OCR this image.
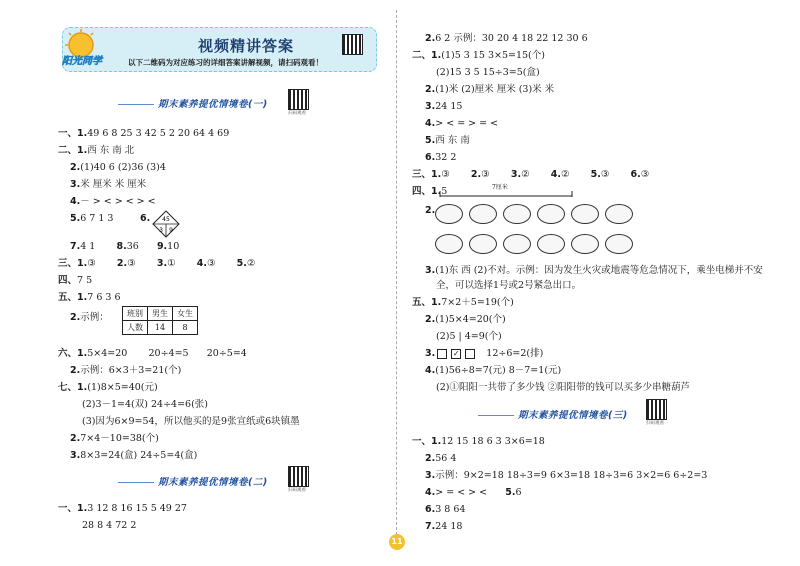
阳光同学
视频精讲答案
以下二维码为对应练习的详细答案讲解视频，请扫码观看！
期末素养提优情境卷(一)
扫码观看
一、1.49 6 8 25 3 42 5 2 20 64 4 69
二、1.西 东 南 北
2.(1)40 6 (2)36 (3)4
3.米 厘米 米 厘米
4.－ > < > < > <
5.6 7 1 3	6. 45
3 9
7.4 1 8.36 9.10
三、1.③ 2.③ 3.① 4.③ 5.②
四、7 5
五、1.7 6 3 6
2.示例： 班别	男生	女生
人数	14	8
六、1.5×4=20 20÷4=5 20÷5=4
2.示例：6×3＋3=21(个)
七、1.(1)8×5=40(元)
(2)3－1=4(双) 24÷4=6(张)
(3)因为6×9=54，所以他买的是9张宣纸或6块镇墨
2.7×4－10=38(个)
3.8×3=24(盒) 24÷5=4(盒)
期末素养提优情境卷(二)
扫码观看
一、1.3 12 8 16 15 5 49 27
28 8 4 72 2
2.6 2 示例：30 20 4 18 22 12 30 6
二、1.(1)5 3 15 3×5=15(个)
(2)15 3 5 15÷3=5(盒)
2.(1)米 (2)厘米 厘米 (3)米 米
3.24 15
4.> < = > = <
5.西 东 南
6.32 2
三、1.③ 2.③ 3.② 4.② 5.③ 6.③
四、1.5	7厘米
2.
3.(1)东 西 (2)不对。示例：因为发生火灾或地震等危急情况下，乘坐电梯并不安
全，可以选择1号或2号紧急出口。
五、1.7×2＋5=19(个)
2.(1)5×4=20(个)
(2)5 | 4=9(个)
3. ✓	12÷6=2(排)
4.(1)56÷8=7(元) 8－7=1(元)
(2)①阳阳一共带了多少钱 ②阳阳带的钱可以买多少串糖葫芦
期末素养提优情境卷(三)
扫码观看
一、1.12 15 18 6 3 3×6=18
2.56 4
3.示例：9×2=18 18÷3=9 6×3=18 18÷3=6 3×2=6 6÷2=3
4.> = < > < 5.6
6.3 8 64
7.24 18
11
